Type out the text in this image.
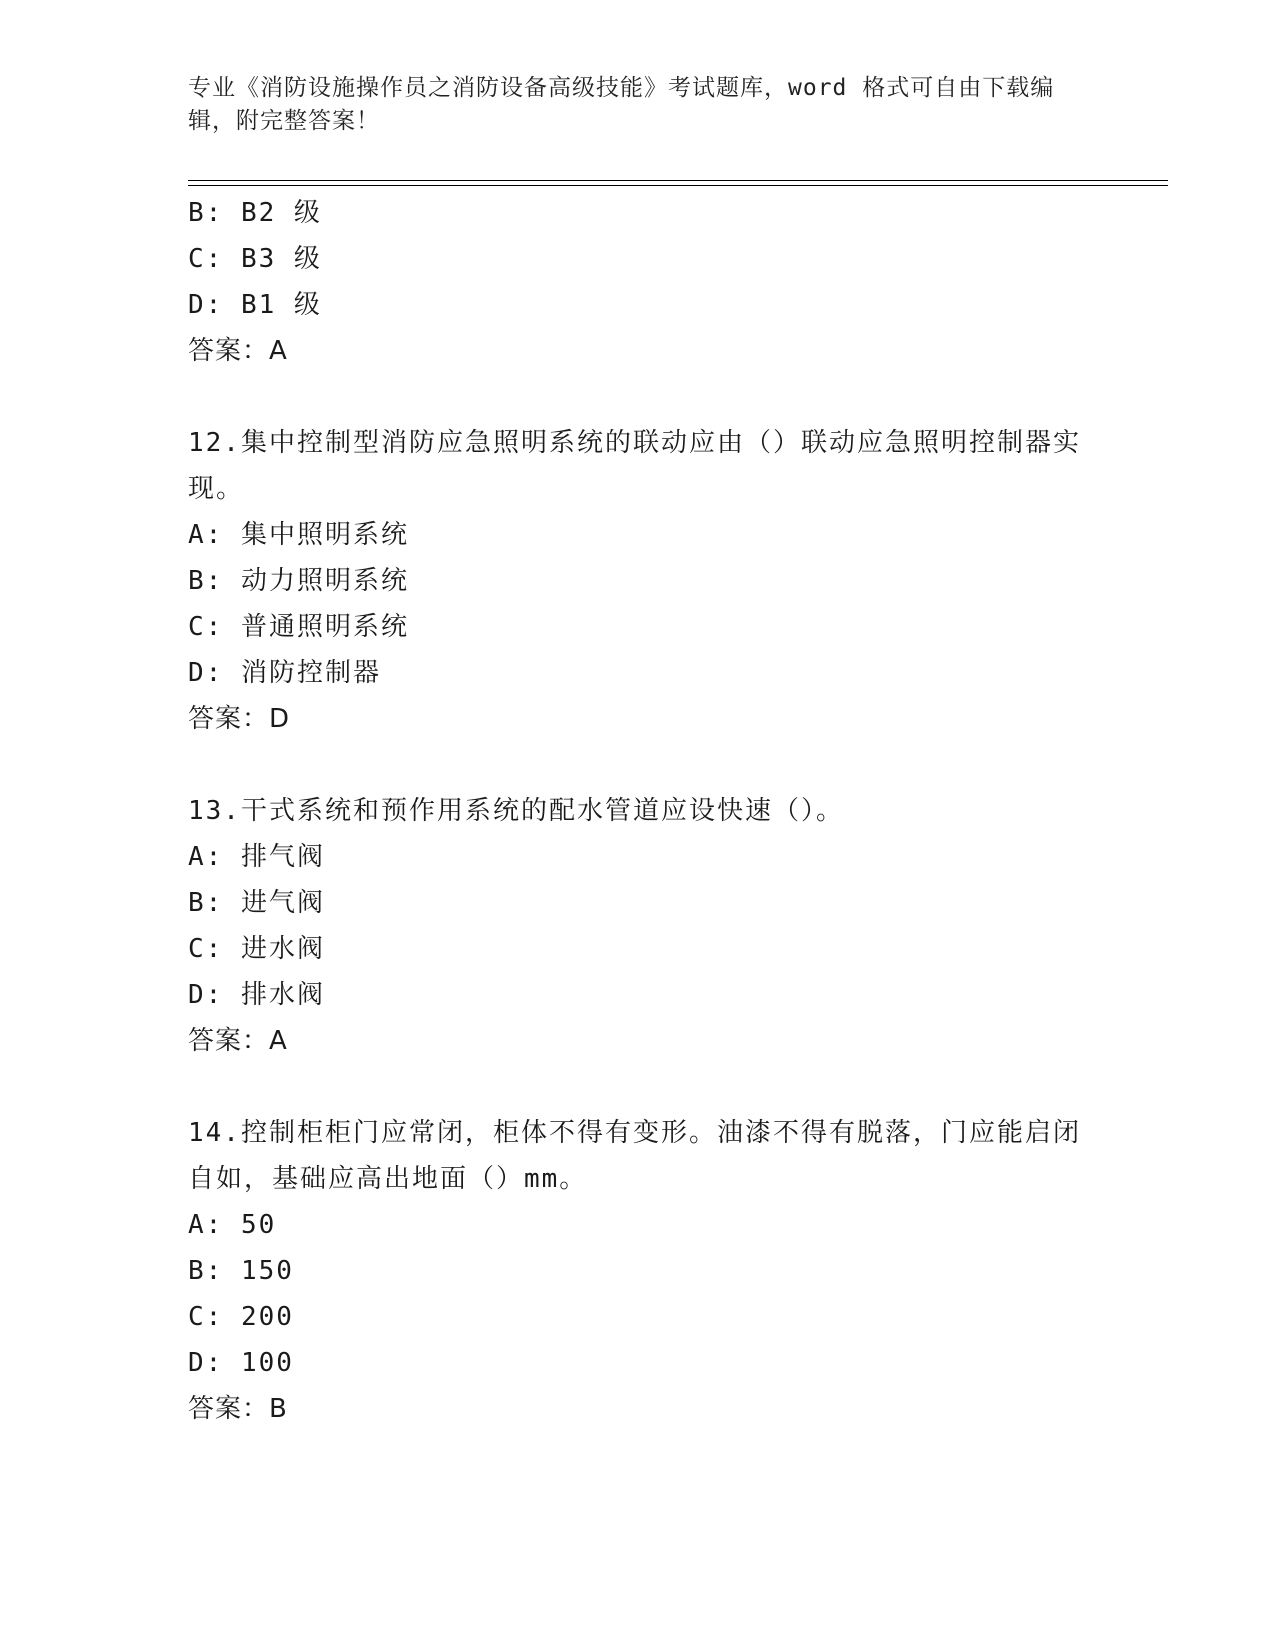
专业《消防设施操作员之消防设备高级技能》考试题库，word 格式可自由下载编辑，附完整答案！
B: B2 级
C: B3 级
D: B1 级
答案：A
12.集中控制型消防应急照明系统的联动应由（）联动应急照明控制器实现。
A: 集中照明系统
B: 动力照明系统
C: 普通照明系统
D: 消防控制器
答案：D
13.干式系统和预作用系统的配水管道应设快速（）。
A: 排气阀
B: 进气阀
C: 进水阀
D: 排水阀
答案：A
14.控制柜柜门应常闭，柜体不得有变形。油漆不得有脱落，门应能启闭自如，基础应高出地面（）mm。
A: 50
B: 150
C: 200
D: 100
答案：B
